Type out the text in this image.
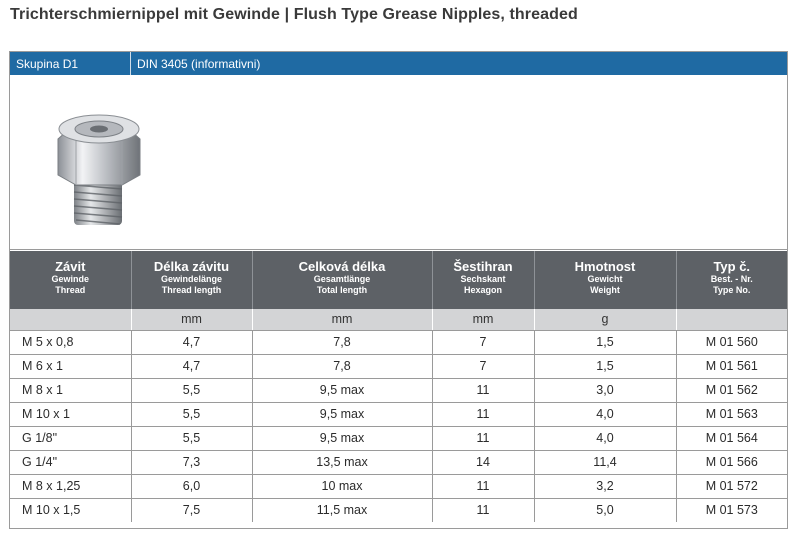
Trichterschmiernippel mit Gewinde | Flush Type Grease Nipples, threaded
Skupina D1	DIN 3405 (informativni)
Závit
Gewinde
Thread	Délka závitu
Gewindelänge
Thread length	Celková délka
Gesamtlänge
Total length	Šestihran
Sechskant
Hexagon	Hmotnost
Gewicht
Weight	Typ č.
Best. - Nr.
Type No.

	mm	mm	mm	g	
M 5 x 0,8	4,7	7,8	7	1,5	M 01 560
M 6 x 1	4,7	7,8	7	1,5	M 01 561
M 8 x 1	5,5	9,5 max	11	3,0	M 01 562
M 10 x 1	5,5	9,5 max	11	4,0	M 01 563
G 1/8"	5,5	9,5 max	11	4,0	M 01 564
G 1/4"	7,3	13,5 max	14	11,4	M 01 566
M 8 x 1,25	6,0	10 max	11	3,2	M 01 572
M 10 x 1,5	7,5	11,5 max	11	5,0	M 01 573
